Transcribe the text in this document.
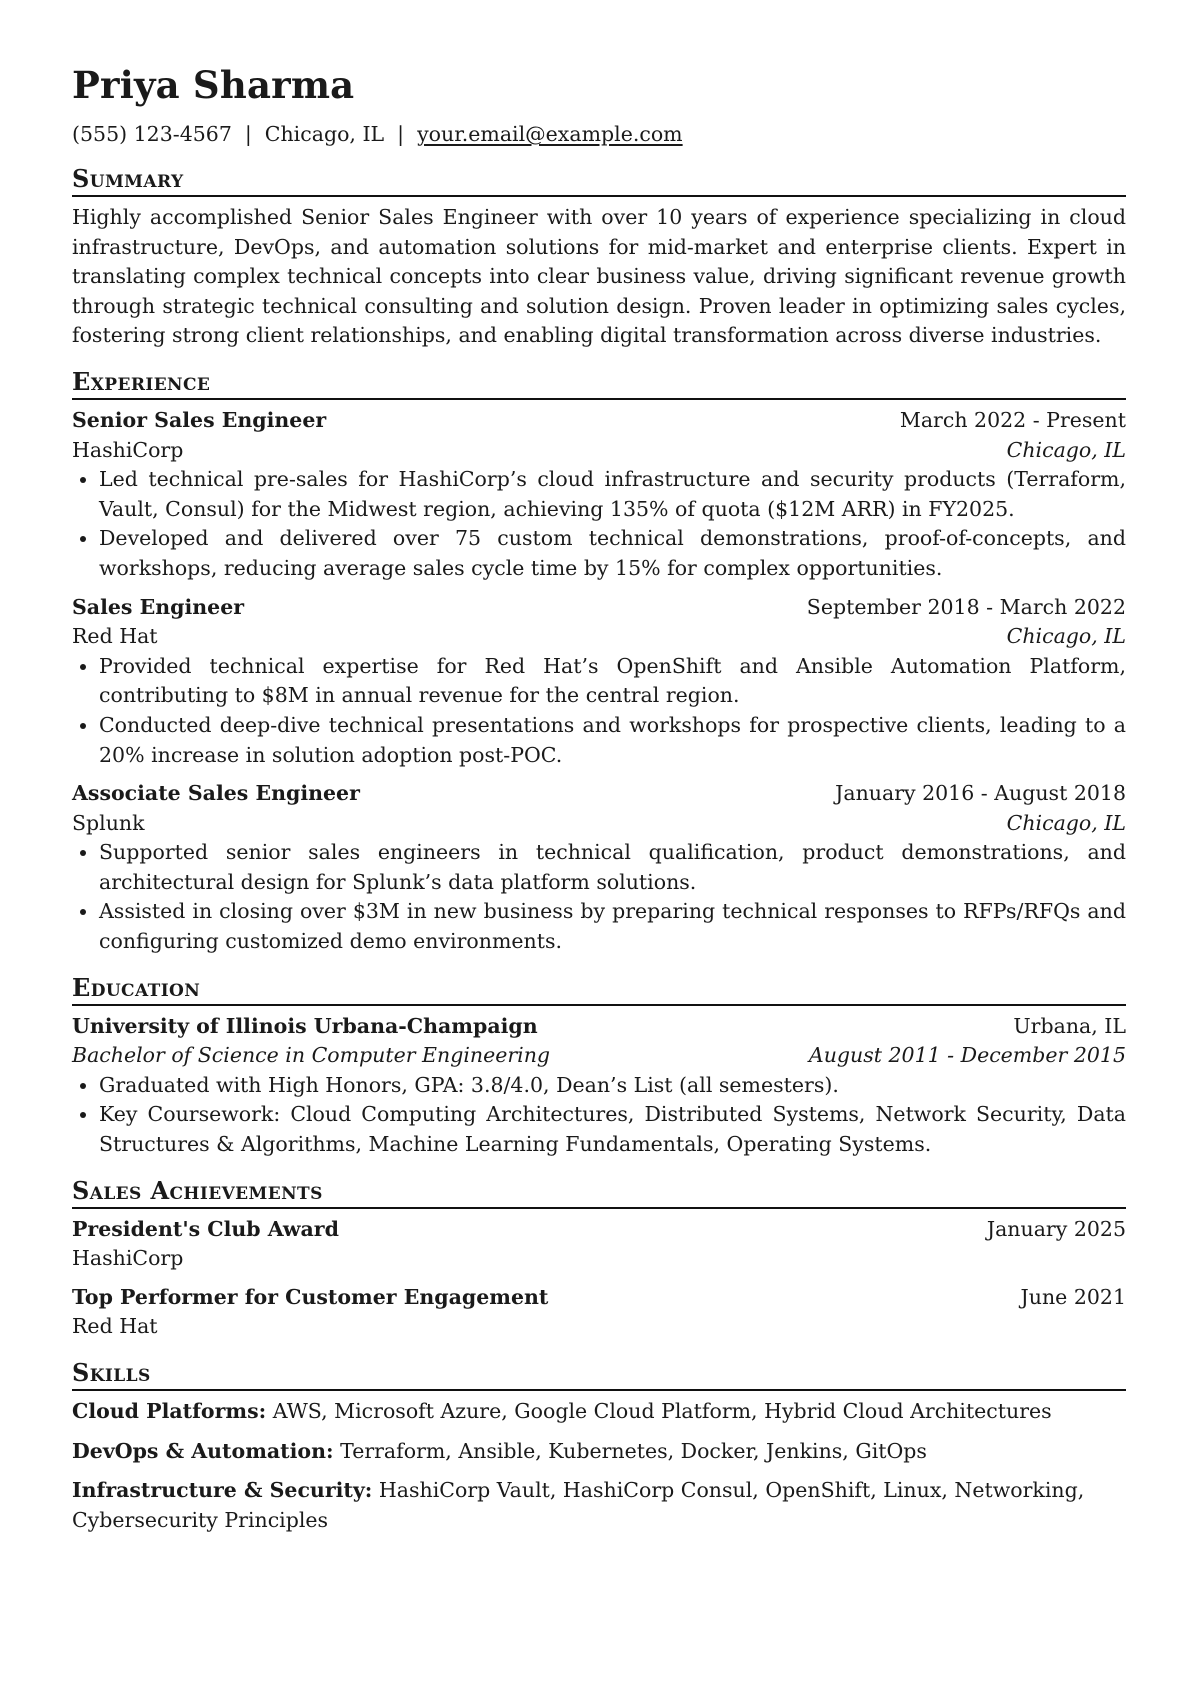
Priya Sharma
(555) 123-4567 | Chicago, IL | your.email@example.com
Summary
Highly accomplished Senior Sales Engineer with over 10 years of experience specializing in cloud infrastructure, DevOps, and automation solutions for mid-market and enterprise clients. Expert in translating complex technical concepts into clear business value, driving significant revenue growth through strategic technical consulting and solution design. Proven leader in optimizing sales cycles, fostering strong client relationships, and enabling digital transformation across diverse industries.
Experience
Senior Sales Engineer	March 2022 - Present
HashiCorp	Chicago, IL
• Led technical pre-sales for HashiCorp’s cloud infrastructure and security products (Terraform, Vault, Consul) for the Midwest region, achieving 135% of quota ($12M ARR) in FY2025.
• Developed and delivered over 75 custom technical demonstrations, proof-of-concepts, and workshops, reducing average sales cycle time by 15% for complex opportunities.
Sales Engineer	September 2018 - March 2022
Red Hat	Chicago, IL
• Provided technical expertise for Red Hat’s OpenShift and Ansible Automation Platform, contributing to $8M in annual revenue for the central region.
• Conducted deep-dive technical presentations and workshops for prospective clients, leading to a 20% increase in solution adoption post-POC.
Associate Sales Engineer	January 2016 - August 2018
Splunk	Chicago, IL
• Supported senior sales engineers in technical qualification, product demonstrations, and architectural design for Splunk’s data platform solutions.
• Assisted in closing over $3M in new business by preparing technical responses to RFPs/RFQs and configuring customized demo environments.
Education
University of Illinois Urbana-Champaign	Urbana, IL
Bachelor of Science in Computer Engineering	August 2011 - December 2015
• Graduated with High Honors, GPA: 3.8/4.0, Dean’s List (all semesters).
• Key Coursework: Cloud Computing Architectures, Distributed Systems, Network Security, Data Structures & Algorithms, Machine Learning Fundamentals, Operating Systems.
Sales Achievements
President's Club Award	January 2025
HashiCorp
Top Performer for Customer Engagement	June 2021
Red Hat
Skills
Cloud Platforms: AWS, Microsoft Azure, Google Cloud Platform, Hybrid Cloud Architectures
DevOps & Automation: Terraform, Ansible, Kubernetes, Docker, Jenkins, GitOps
Infrastructure & Security: HashiCorp Vault, HashiCorp Consul, OpenShift, Linux, Networking, Cybersecurity Principles
